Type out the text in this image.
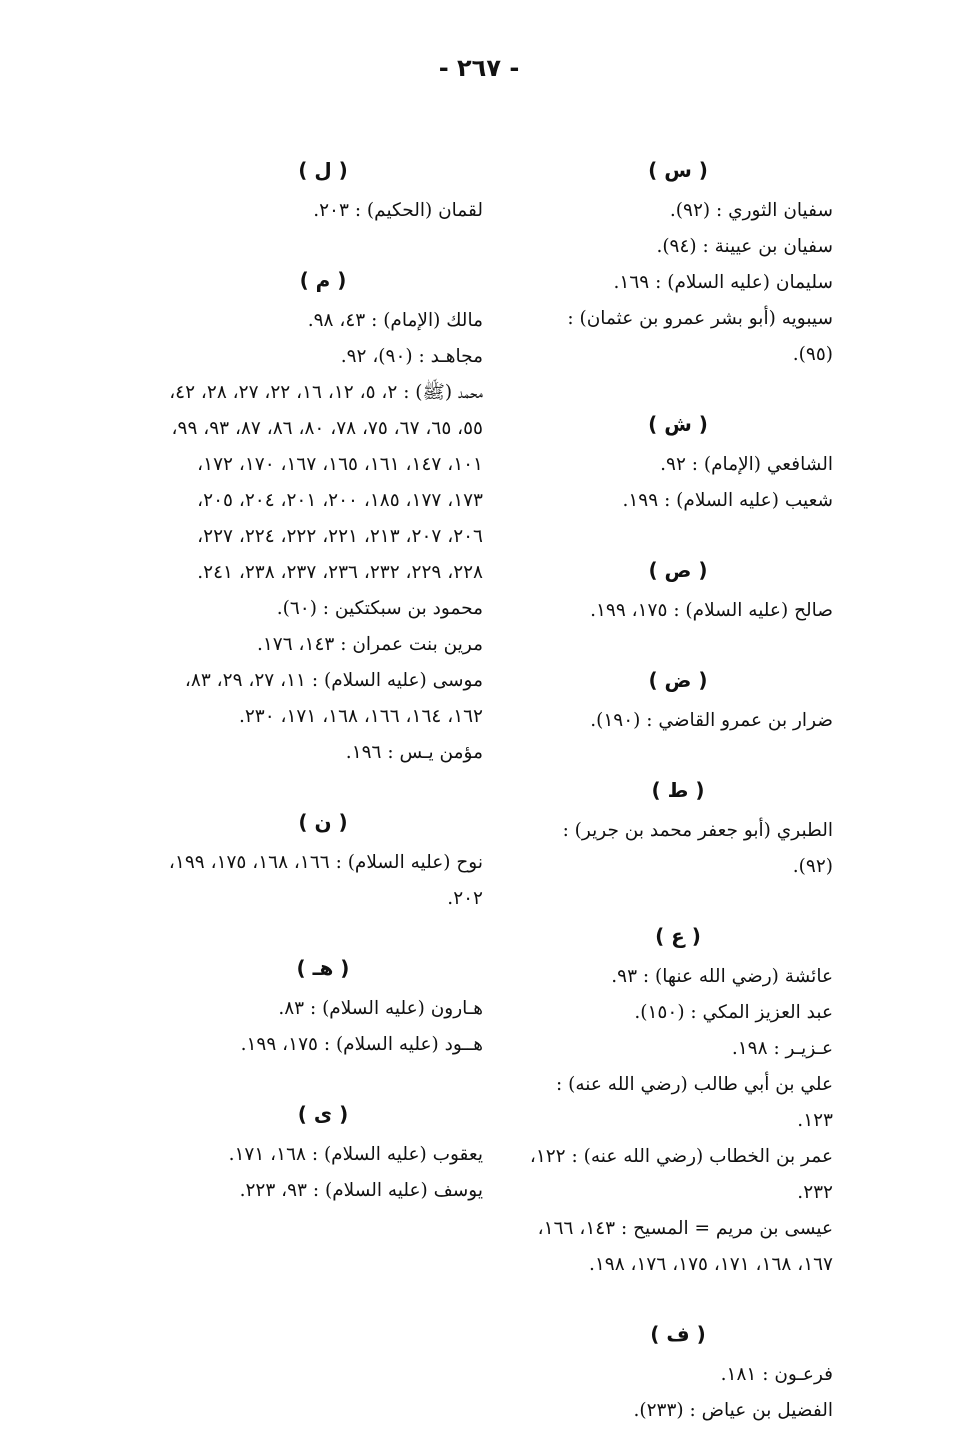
- ٢٦٧ -
( س )
سفيان الثوري : (٩٢).
سفيان بن عيينة : (٩٤).
سليمان (عليه السلام) : ١٦٩.
سيبويه (أبو بشر عمرو بن عثمان) : (٩٥).
( ش )
الشافعي (الإمام) : ٩٢.
شعيب (عليه السلام) : ١٩٩.
( ص )
صالح (عليه السلام) : ١٧٥، ١٩٩.
( ض )
ضرار بن عمرو القاضي : (١٩٠).
( ط )
الطبري (أبو جعفر محمد بن جرير) : (٩٢).
( ع )
عائشة (رضي الله عنها) : ٩٣.
عبد العزيز المكي : (١٥٠).
عـزيـر : ١٩٨.
علي بن أبي طالب (رضي الله عنه) : ١٢٣.
عمر بن الخطاب (رضي الله عنه) : ١٢٢، ٢٣٢.
عيسى بن مريم = المسيح : ١٤٣، ١٦٦، ١٦٧، ١٦٨، ١٧١، ١٧٥، ١٧٦، ١٩٨.
( ف )
فرعـون : ١٨١.
الفضيل بن عياض : (٢٣٣).
( ل )
لقمان (الحكيم) : ٢٠٣.
( م )
مالك (الإمام) : ٤٣، ٩٨.
مجاهـد : (٩٠)، ٩٢.
محمد (ﷺ) : ٢، ٥، ١٢، ١٦، ٢٢، ٢٧، ٢٨، ٤٢، ٥٥، ٦٥، ٦٧، ٧٥، ٧٨، ٨٠، ٨٦، ٨٧، ٩٣، ٩٩، ١٠١، ١٤٧، ١٦١، ١٦٥، ١٦٧، ١٧٠، ١٧٢، ١٧٣، ١٧٧، ١٨٥، ٢٠٠، ٢٠١، ٢٠٤، ٢٠٥، ٢٠٦، ٢٠٧، ٢١٣، ٢٢١، ٢٢٢، ٢٢٤، ٢٢٧، ٢٢٨، ٢٢٩، ٢٣٢، ٢٣٦، ٢٣٧، ٢٣٨، ٢٤١.
محمود بن سبكتكين : (٦٠).
مرين بنت عمران : ١٤٣، ١٧٦.
موسى (عليه السلام) : ١١، ٢٧، ٢٩، ٨٣، ١٦٢، ١٦٤، ١٦٦، ١٦٨، ١٧١، ٢٣٠.
مؤمن يـس : ١٩٦.
( ن )
نوح (عليه السلام) : ١٦٦، ١٦٨، ١٧٥، ١٩٩، ٢٠٢.
( هـ )
هـارون (عليه السلام) : ٨٣.
هــود (عليه السلام) : ١٧٥، ١٩٩.
( ى )
يعقوب (عليه السلام) : ١٦٨، ١٧١.
يوسف (عليه السلام) : ٩٣، ٢٢٣.
